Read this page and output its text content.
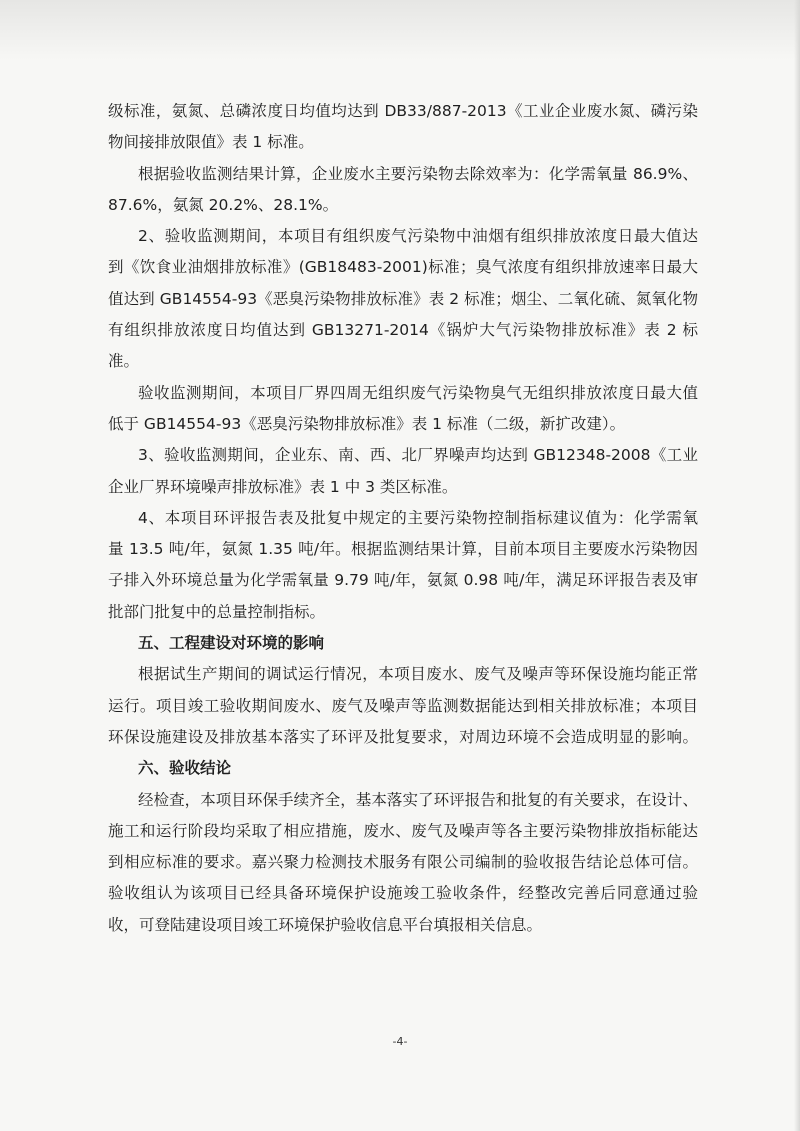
级标准，氨氮、总磷浓度日均值均达到 DB33/887-2013《工业企业废水氮、磷污染
物间接排放限值》表 1 标准。
根据验收监测结果计算，企业废水主要污染物去除效率为：化学需氧量 86.9%、
87.6%，氨氮 20.2%、28.1%。
2、验收监测期间，本项目有组织废气污染物中油烟有组织排放浓度日最大值达
到《饮食业油烟排放标准》(GB18483-2001)标准；臭气浓度有组织排放速率日最大
值达到 GB14554-93《恶臭污染物排放标准》表 2 标准；烟尘、二氧化硫、氮氧化物
有组织排放浓度日均值达到 GB13271-2014《锅炉大气污染物排放标准》表 2 标
准。
验收监测期间，本项目厂界四周无组织废气污染物臭气无组织排放浓度日最大值
低于 GB14554-93《恶臭污染物排放标准》表 1 标准（二级，新扩改建）。
3、验收监测期间，企业东、南、西、北厂界噪声均达到 GB12348-2008《工业
企业厂界环境噪声排放标准》表 1 中 3 类区标准。
4、本项目环评报告表及批复中规定的主要污染物控制指标建议值为：化学需氧
量 13.5 吨/年，氨氮 1.35 吨/年。根据监测结果计算，目前本项目主要废水污染物因
子排入外环境总量为化学需氧量 9.79 吨/年，氨氮 0.98 吨/年，满足环评报告表及审
批部门批复中的总量控制指标。
五、工程建设对环境的影响
根据试生产期间的调试运行情况，本项目废水、废气及噪声等环保设施均能正常
运行。项目竣工验收期间废水、废气及噪声等监测数据能达到相关排放标准；本项目
环保设施建设及排放基本落实了环评及批复要求，对周边环境不会造成明显的影响。
六、验收结论
经检查，本项目环保手续齐全，基本落实了环评报告和批复的有关要求，在设计、
施工和运行阶段均采取了相应措施，废水、废气及噪声等各主要污染物排放指标能达
到相应标准的要求。嘉兴聚力检测技术服务有限公司编制的验收报告结论总体可信。
验收组认为该项目已经具备环境保护设施竣工验收条件，经整改完善后同意通过验
收，可登陆建设项目竣工环境保护验收信息平台填报相关信息。
-4-
